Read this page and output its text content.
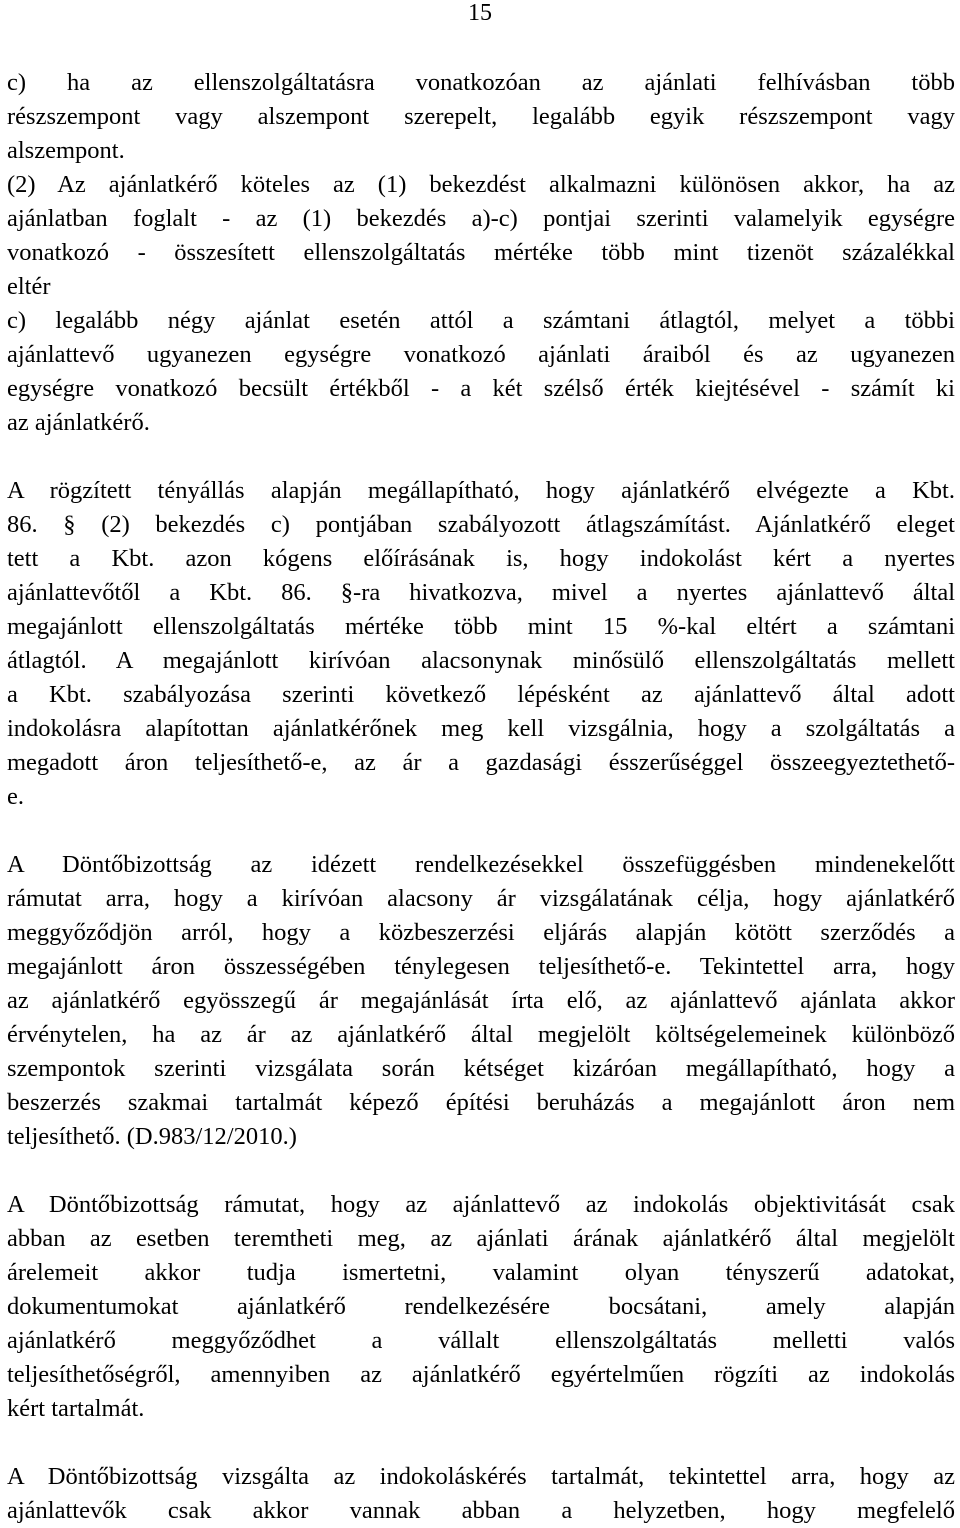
15
c) ha az ellenszolgáltatásra vonatkozóan az ajánlati felhívásban több
részszempont vagy alszempont szerepelt, legalább egyik részszempont vagy
alszempont.
(2) Az ajánlatkérő köteles az (1) bekezdést alkalmazni különösen akkor, ha az
ajánlatban foglalt - az (1) bekezdés a)-c) pontjai szerinti valamelyik egységre
vonatkozó - összesített ellenszolgáltatás mértéke több mint tizenöt százalékkal
eltér
c) legalább négy ajánlat esetén attól a számtani átlagtól, melyet a többi
ajánlattevő ugyanezen egységre vonatkozó ajánlati áraiból és az ugyanezen
egységre vonatkozó becsült értékből - a két szélső érték kiejtésével - számít ki
az ajánlatkérő.
A rögzített tényállás alapján megállapítható, hogy ajánlatkérő elvégezte a Kbt.
86. § (2) bekezdés c) pontjában szabályozott átlagszámítást. Ajánlatkérő eleget
tett a Kbt. azon kógens előírásának is, hogy indokolást kért a nyertes
ajánlattevőtől a Kbt. 86. §-ra hivatkozva, mivel a nyertes ajánlattevő által
megajánlott ellenszolgáltatás mértéke több mint 15 %-kal eltért a számtani
átlagtól. A megajánlott kirívóan alacsonynak minősülő ellenszolgáltatás mellett
a Kbt. szabályozása szerinti következő lépésként az ajánlattevő által adott
indokolásra alapítottan ajánlatkérőnek meg kell vizsgálnia, hogy a szolgáltatás a
megadott áron teljesíthető-e, az ár a gazdasági ésszerűséggel összeegyeztethető-
e.
A Döntőbizottság az idézett rendelkezésekkel összefüggésben mindenekelőtt
rámutat arra, hogy a kirívóan alacsony ár vizsgálatának célja, hogy ajánlatkérő
meggyőződjön arról, hogy a közbeszerzési eljárás alapján kötött szerződés a
megajánlott áron összességében ténylegesen teljesíthető-e. Tekintettel arra, hogy
az ajánlatkérő egyösszegű ár megajánlását írta elő, az ajánlattevő ajánlata akkor
érvénytelen, ha az ár az ajánlatkérő által megjelölt költségelemeinek különböző
szempontok szerinti vizsgálata során kétséget kizáróan megállapítható, hogy a
beszerzés szakmai tartalmát képező építési beruházás a megajánlott áron nem
teljesíthető. (D.983/12/2010.)
A Döntőbizottság rámutat, hogy az ajánlattevő az indokolás objektivitását csak
abban az esetben teremtheti meg, az ajánlati árának ajánlatkérő által megjelölt
árelemeit akkor tudja ismertetni, valamint olyan tényszerű adatokat,
dokumentumokat ajánlatkérő rendelkezésére bocsátani, amely alapján
ajánlatkérő meggyőződhet a vállalt ellenszolgáltatás melletti valós
teljesíthetőségről, amennyiben az ajánlatkérő egyértelműen rögzíti az indokolás
kért tartalmát.
A Döntőbizottság vizsgálta az indokoláskérés tartalmát, tekintettel arra, hogy az
ajánlattevők csak akkor vannak abban a helyzetben, hogy megfelelő
